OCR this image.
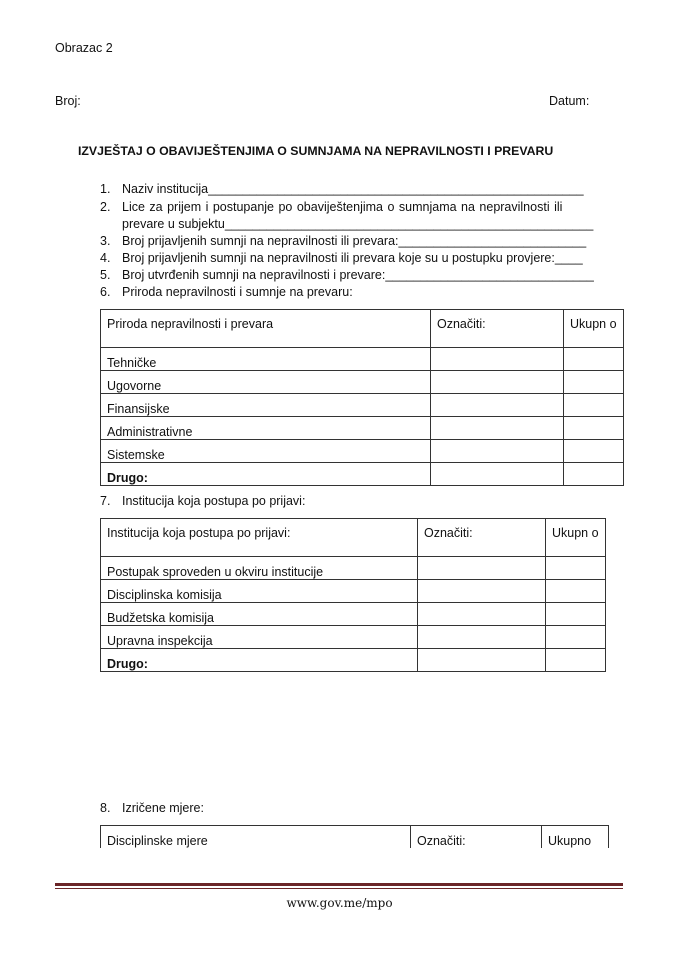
Obrazac 2
Broj:	Datum:
IZVJEŠTAJ O OBAVIJEŠTENJIMA O SUMNJAMA NA NEPRAVILNOSTI I PREVARU
1. Naziv institucija______________________________________________________
2. Lice za prijem i postupanje po obaviještenjima o sumnjama na nepravilnosti ili
prevare u subjektu_____________________________________________________
3. Broj prijavljenih sumnji na nepravilnosti ili prevara:___________________________
4. Broj prijavljenih sumnji na nepravilnosti ili prevara koje su u postupku provjere:____
5. Broj utvrđenih sumnji na nepravilnosti i prevare:______________________________
6. Priroda nepravilnosti i sumnje na prevaru:
Priroda nepravilnosti i prevara	Označiti:	Ukupn o
Tehničke		
Ugovorne		
Finansijske		
Administrativne		
Sistemske		
Drugo:		
7. Institucija koja postupa po prijavi:
Institucija koja postupa po prijavi:	Označiti:	Ukupn o
Postupak sproveden u okviru institucije		
Disciplinska komisija		
Budžetska komisija		
Upravna inspekcija		
Drugo:		
8. Izričene mjere:
Disciplinske mjere	Označiti:	Ukupno
www.gov.me/mpo
